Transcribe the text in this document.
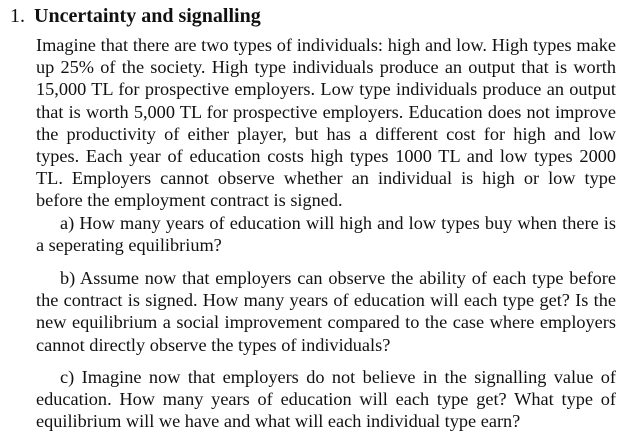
1. Uncertainty and signalling

Imagine that there are two types of individuals: high and low. High types make up 25% of the society. High type individuals produce an output that is worth 15,000 TL for prospective employers. Low type individuals produce an output that is worth 5,000 TL for prospective employers. Education does not improve the productivity of either player, but has a different cost for high and low types. Each year of education costs high types 1000 TL and low types 2000 TL. Employers cannot observe whether an individual is high or low type before the employment contract is signed.

a) How many years of education will high and low types buy when there is a seperating equilibrium?

b) Assume now that employers can observe the ability of each type before the contract is signed. How many years of education will each type get? Is the new equilibrium a social improvement compared to the case where employers cannot directly observe the types of individuals?

c) Imagine now that employers do not believe in the signalling value of education. How many years of education will each type get? What type of equilibrium will we have and what will each individual type earn?
